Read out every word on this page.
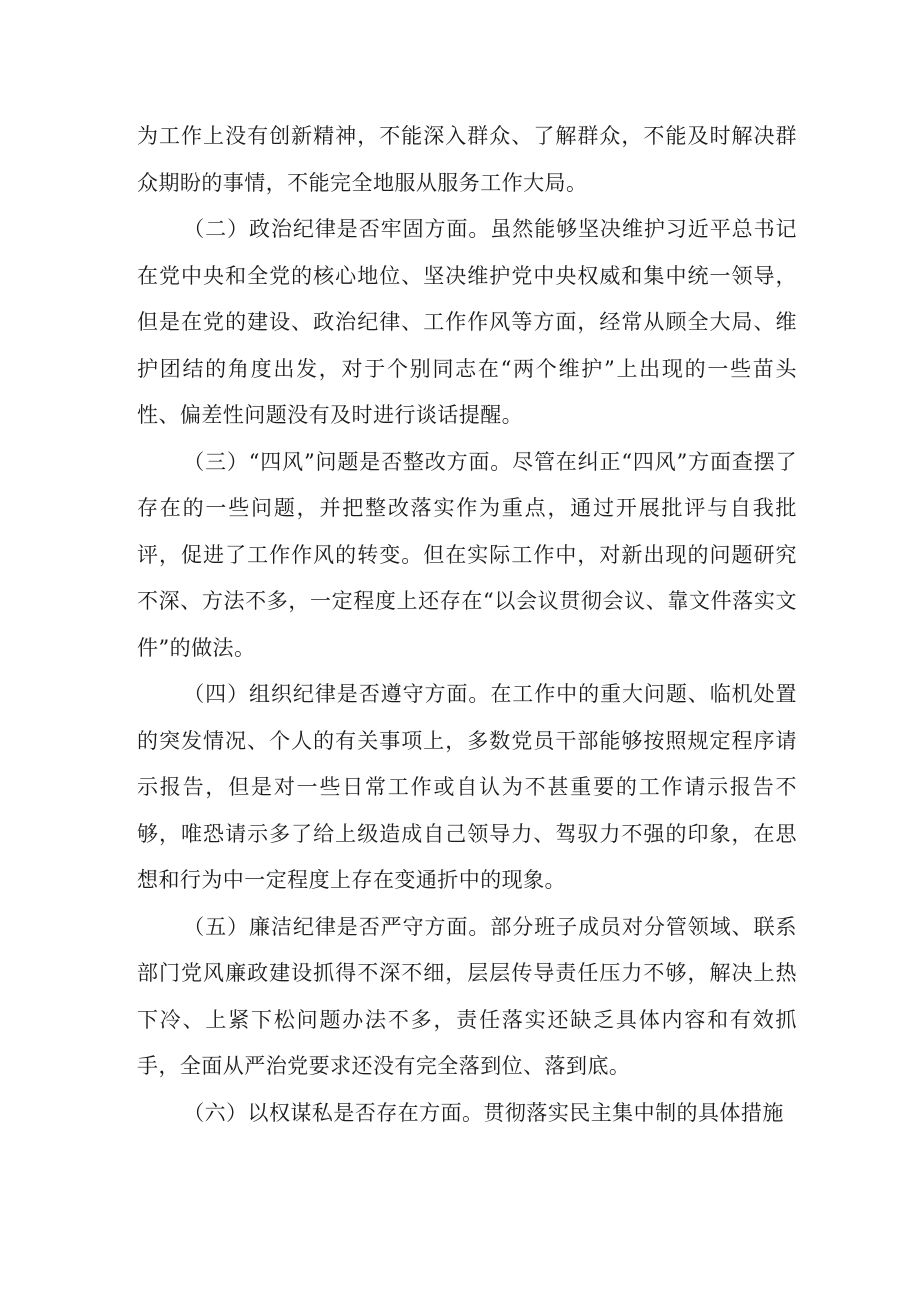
为工作上没有创新精神，不能深入群众、了解群众，不能及时解决群众期盼的事情，不能完全地服从服务工作大局。

（二）政治纪律是否牢固方面。虽然能够坚决维护习近平总书记在党中央和全党的核心地位、坚决维护党中央权威和集中统一领导，但是在党的建设、政治纪律、工作作风等方面，经常从顾全大局、维护团结的角度出发，对于个别同志在“两个维护”上出现的一些苗头性、偏差性问题没有及时进行谈话提醒。

（三）“四风”问题是否整改方面。尽管在纠正“四风”方面查摆了存在的一些问题，并把整改落实作为重点，通过开展批评与自我批评，促进了工作作风的转变。但在实际工作中，对新出现的问题研究不深、方法不多，一定程度上还存在“以会议贯彻会议、靠文件落实文件”的做法。

（四）组织纪律是否遵守方面。在工作中的重大问题、临机处置的突发情况、个人的有关事项上，多数党员干部能够按照规定程序请示报告，但是对一些日常工作或自认为不甚重要的工作请示报告不够，唯恐请示多了给上级造成自己领导力、驾驭力不强的印象，在思想和行为中一定程度上存在变通折中的现象。

（五）廉洁纪律是否严守方面。部分班子成员对分管领域、联系部门党风廉政建设抓得不深不细，层层传导责任压力不够，解决上热下冷、上紧下松问题办法不多，责任落实还缺乏具体内容和有效抓手，全面从严治党要求还没有完全落到位、落到底。

（六）以权谋私是否存在方面。贯彻落实民主集中制的具体措施
